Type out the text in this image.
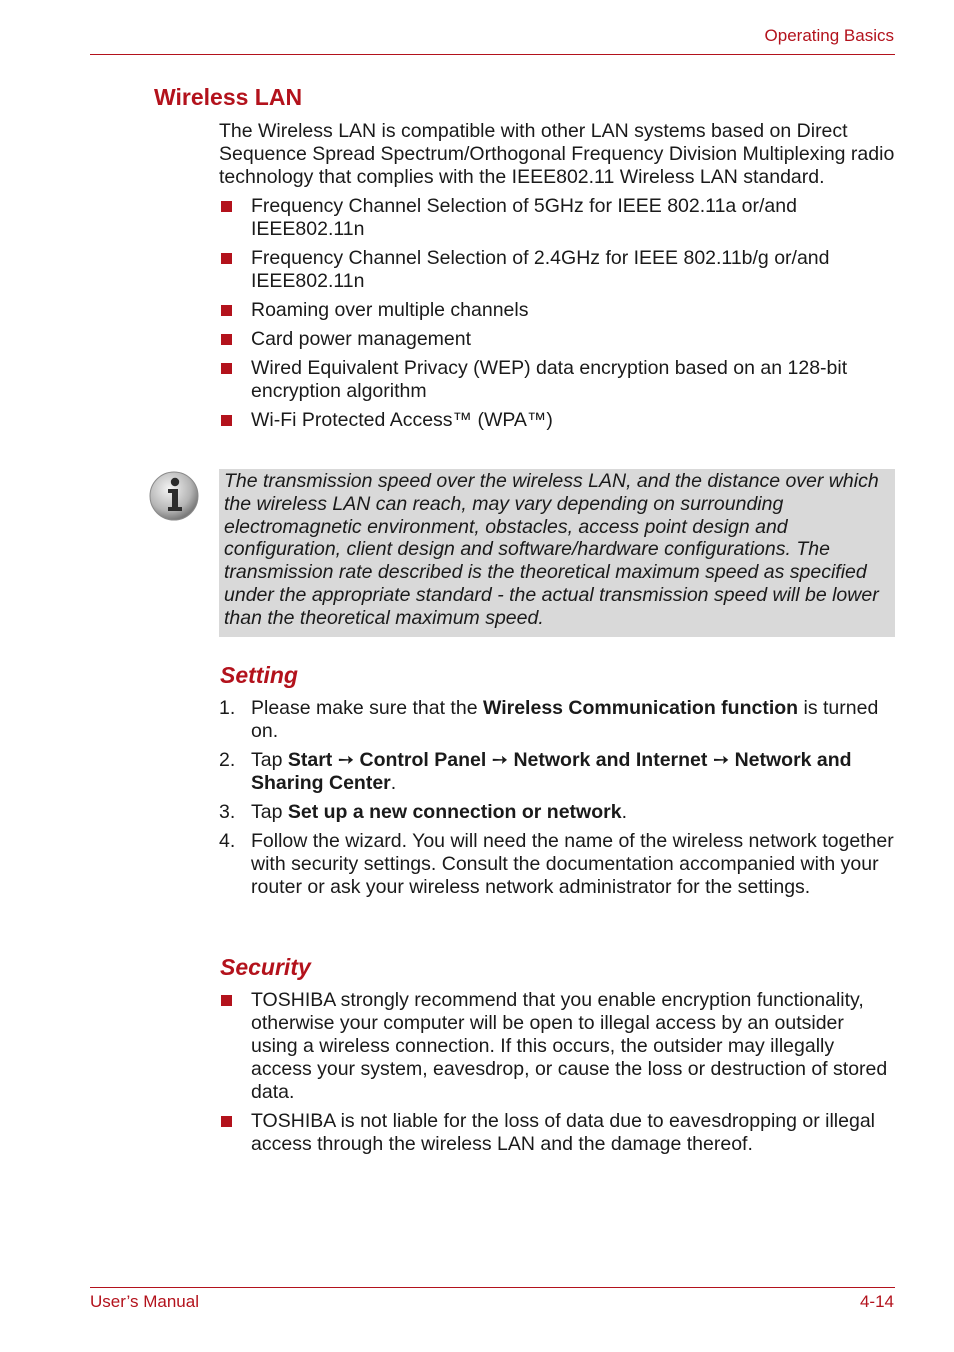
Operating Basics
Wireless LAN

The Wireless LAN is compatible with other LAN systems based on Direct Sequence Spread Spectrum/Orthogonal Frequency Division Multiplexing radio technology that complies with the IEEE802.11 Wireless LAN standard.

Frequency Channel Selection of 5GHz for IEEE 802.11a or/and IEEE802.11n
Frequency Channel Selection of 2.4GHz for IEEE 802.11b/g or/and IEEE802.11n
Roaming over multiple channels
Card power management
Wired Equivalent Privacy (WEP) data encryption based on an 128-bit encryption algorithm
Wi-Fi Protected Access™ (WPA™)
The transmission speed over the wireless LAN, and the distance over which the wireless LAN can reach, may vary depending on surrounding electromagnetic environment, obstacles, access point design and configuration, client design and software/hardware configurations. The transmission rate described is the theoretical maximum speed as specified under the appropriate standard - the actual transmission speed will be lower than the theoretical maximum speed.
Setting
1. Please make sure that the Wireless Communication function is turned on.
2. Tap Start ➙ Control Panel ➙ Network and Internet ➙ Network and Sharing Center.
3. Tap Set up a new connection or network.
4. Follow the wizard. You will need the name of the wireless network together with security settings. Consult the documentation accompanied with your router or ask your wireless network administrator for the settings.
Security
TOSHIBA strongly recommend that you enable encryption functionality, otherwise your computer will be open to illegal access by an outsider using a wireless connection. If this occurs, the outsider may illegally access your system, eavesdrop, or cause the loss or destruction of stored data.
TOSHIBA is not liable for the loss of data due to eavesdropping or illegal access through the wireless LAN and the damage thereof.
User’s Manual	4-14
